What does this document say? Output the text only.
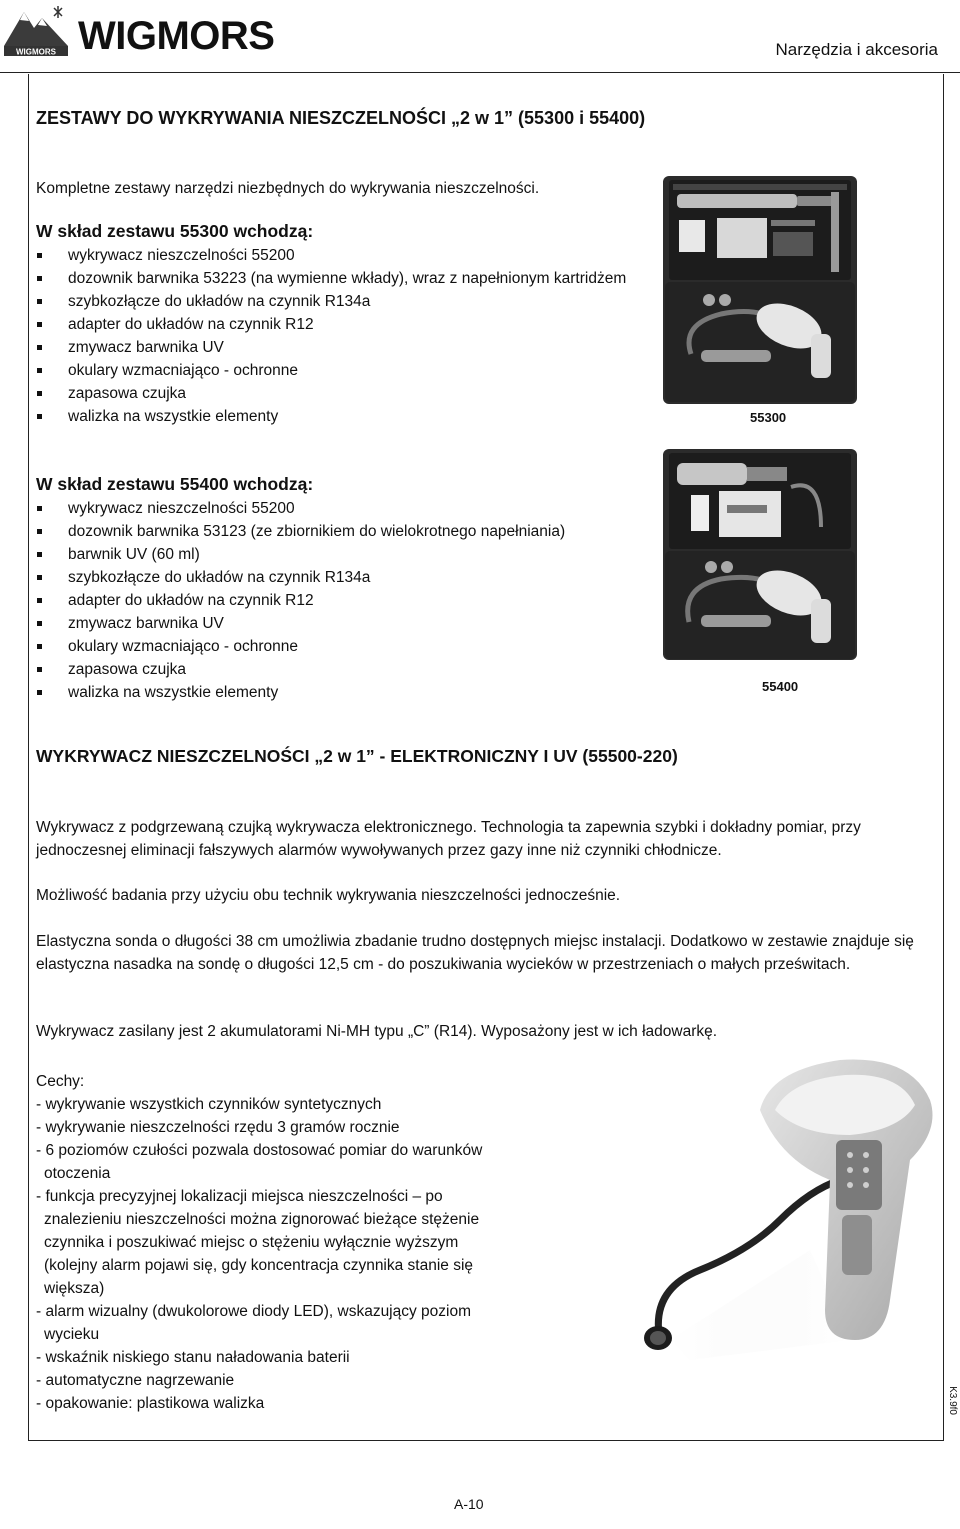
WIGMORS WIGMORS	Narzędzia i akcesoria
ZESTAWY DO WYKRYWANIA NIESZCZELNOŚCI „2 w 1” (55300 i 55400)
Kompletne zestawy narzędzi niezbędnych do wykrywania nieszczelności.
W skład zestawu 55300 wchodzą:
wykrywacz nieszczelności 55200
dozownik barwnika 53223 (na wymienne wkłady), wraz z napełnionym kartridżem
szybkozłącze do układów na czynnik R134a
adapter do układów na czynnik R12
zmywacz barwnika UV
okulary wzmacniająco - ochronne
zapasowa czujka
walizka na wszystkie elementy	55300
W skład zestawu 55400 wchodzą:
wykrywacz nieszczelności 55200
dozownik barwnika 53123 (ze zbiornikiem do wielokrotnego napełniania)
barwnik UV (60 ml)
szybkozłącze do układów na czynnik R134a
adapter do układów na czynnik R12
zmywacz barwnika UV
okulary wzmacniająco - ochronne
zapasowa czujka
walizka na wszystkie elementy	55400
WYKRYWACZ NIESZCZELNOŚCI „2 w 1” - ELEKTRONICZNY I UV (55500-220)
Wykrywacz z podgrzewaną czujką wykrywacza elektronicznego. Technologia ta zapewnia szybki i dokładny pomiar, przy jednoczesnej eliminacji fałszywych alarmów wywoływanych przez gazy inne niż czynniki chłodnicze.
Możliwość badania przy użyciu obu technik wykrywania nieszczelności jednocześnie.
Elastyczna sonda o długości 38 cm umożliwia zbadanie trudno dostępnych miejsc instalacji. Dodatkowo w zestawie znajduje się elastyczna nasadka na sondę o długości 12,5 cm - do poszukiwania wycieków w przestrzeniach o małych prześwitach.
Wykrywacz zasilany jest 2 akumulatorami Ni-MH typu „C” (R14). Wyposażony jest w ich ładowarkę.
Cechy:
- wykrywanie wszystkich czynników syntetycznych
- wykrywanie nieszczelności rzędu 3 gramów rocznie
- 6 poziomów czułości pozwala dostosować pomiar do warunków
otoczenia
- funkcja precyzyjnej lokalizacji miejsca nieszczelności – po
znalezieniu nieszczelności można zignorować bieżące stężenie
czynnika i poszukiwać miejsc o stężeniu wyłącznie wyższym
(kolejny alarm pojawi się, gdy koncentracja czynnika stanie się
większa)
- alarm wizualny (dwukolorowe diody LED), wskazujący poziom
wycieku
- wskaźnik niskiego stanu naładowania baterii
- automatyczne nagrzewanie
- opakowanie: plastikowa walizka	K3.9f0
A-10
